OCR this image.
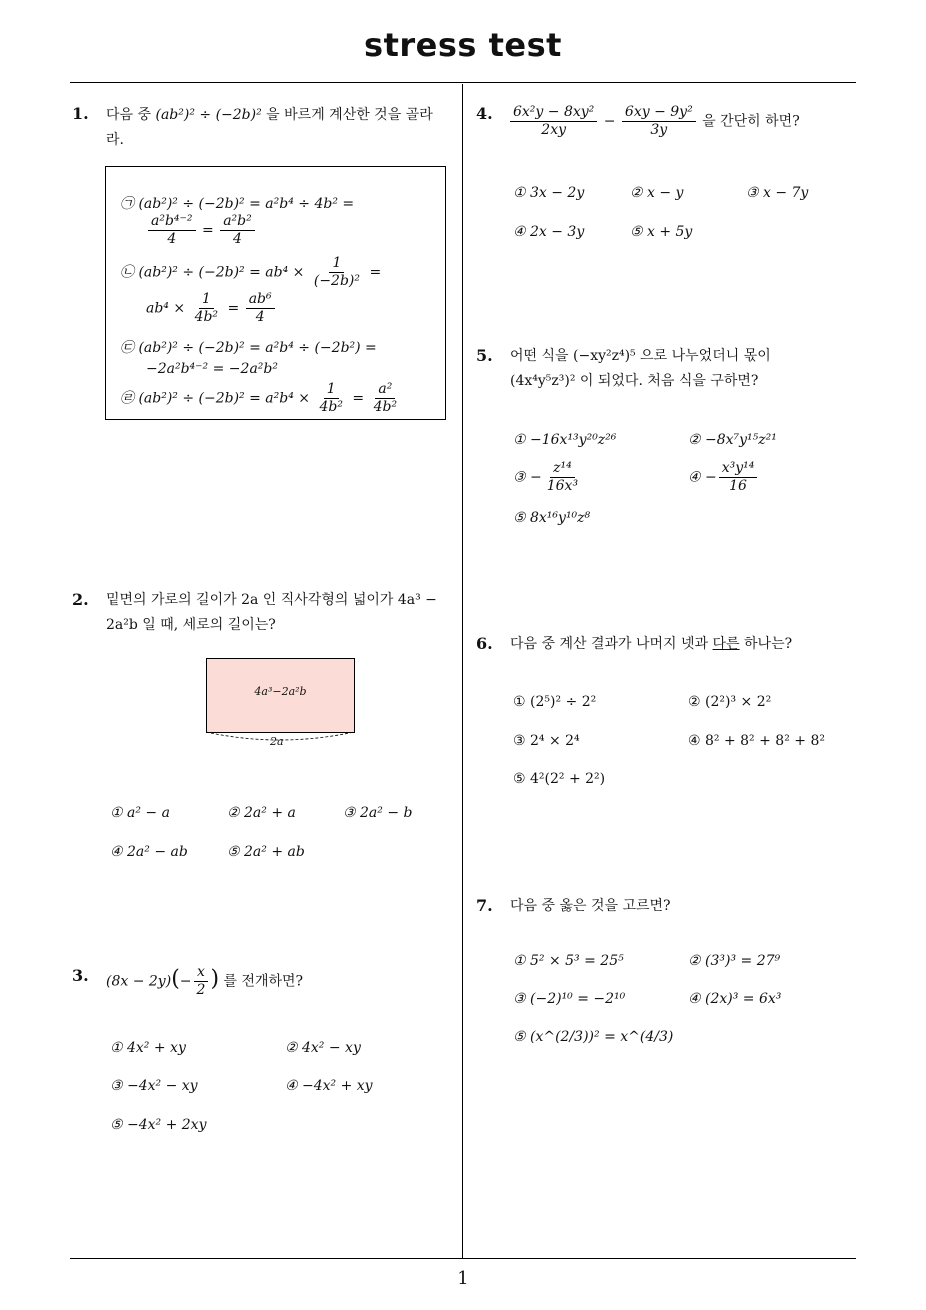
stress test
1
1. 다음 중 (ab²)² ÷ (−2b)² 을 바르게 계산한 것을 골라
라.
㉠ (ab²)² ÷ (−2b)² = a²b⁴ ÷ 4b² =
$\frac{\text{a²b⁴⁻²}}{4} = \frac{\text{a²b²}}{4}$
㉡ $(ab^2)^2 \div (-2b)^2 = ab^4 \times \frac{1}{\text{(−2b)²}}$ =
$ab^4 \times \frac{1}{\text{4b²}} = \frac{\text{ab⁶}}{4}$
㉢ (ab²)² ÷ (−2b)² = a²b⁴ ÷ (−2b²) =
−2a²b⁴⁻² = −2a²b²
㉣ $(ab^2)^2 \div (-2b)^2 = a^2b^4 \times \frac{1}{\text{4b²}} = \frac{\text{a²}}{\text{4b²}}$
2. 밑면의 가로의 길이가 2a 인 직사각형의 넓이가 4a³ −
2a²b 일 때, 세로의 길이는?
4a³−2a²b
2a
① a² − a	② 2a² + a	③ 2a² − b
④ 2a² − ab	⑤ 2a² + ab
3. $(8x - 2y)(- \frac{x}{2}$ ) 를 전개하면?
① 4x² + xy	② 4x² − xy
③ −4x² − xy	④ −4x² + xy
⑤ −4x² + 2xy
4. $\frac{\text{6x²y − 8xy²}}{2xy} - \frac{\text{6xy − 9y²}}{3y}$ 을 간단히 하면?
① 3x − 2y	② x − y	③ x − 7y
④ 2x − 3y	⑤ x + 5y
5. 어떤 식을 (−xy²z⁴)⁵ 으로 나누었더니 몫이
(4x⁴y⁵z³)² 이 되었다. 처음 식을 구하면?
① −16x¹³y²⁰z²⁶	② −8x⁷y¹⁵z²¹
③ − $\frac{\text{z¹⁴}}{\text{16x³}}$	④ − $\frac{\text{x³y¹⁴}}{16}$
⑤ 8x¹⁶y¹⁰z⁸
6. 다음 중 계산 결과가 나머지 넷과 다른 하나는?
① (2⁵)² ÷ 2²	② (2²)³ × 2²
③ 2⁴ × 2⁴	④ 8² + 8² + 8² + 8²
⑤ 4²(2² + 2²)
7. 다음 중 옳은 것을 고르면?
① 5² × 5³ = 25⁵	② (3³)³ = 27⁹
③ (−2)¹⁰ = −2¹⁰	④ (2x)³ = 6x³
⑤ (x^(2/3))² = x^(4/3)
